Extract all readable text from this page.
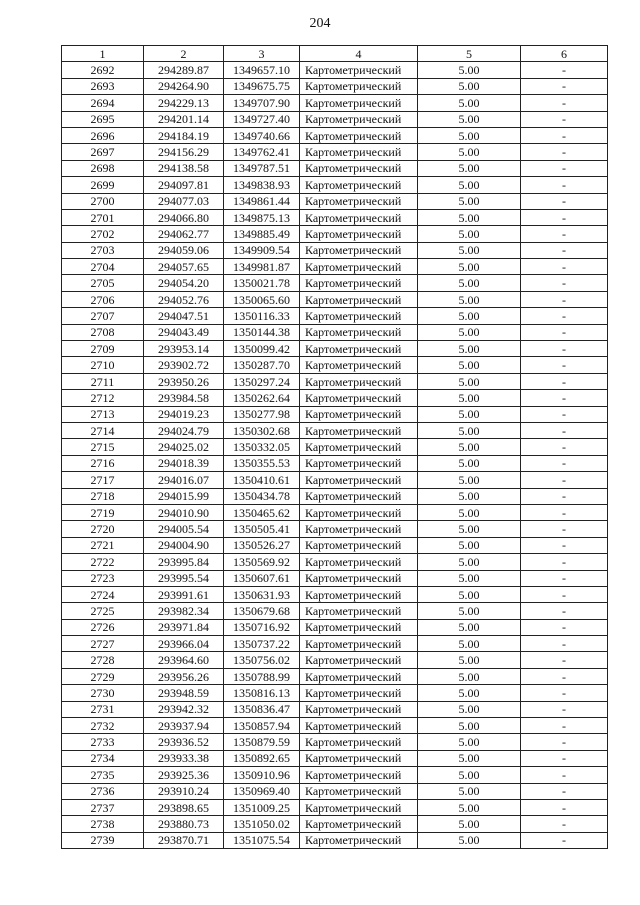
204
1	2	3	4	5	6
2692	294289.87	1349657.10	Картометрический	5.00	-
2693	294264.90	1349675.75	Картометрический	5.00	-
2694	294229.13	1349707.90	Картометрический	5.00	-
2695	294201.14	1349727.40	Картометрический	5.00	-
2696	294184.19	1349740.66	Картометрический	5.00	-
2697	294156.29	1349762.41	Картометрический	5.00	-
2698	294138.58	1349787.51	Картометрический	5.00	-
2699	294097.81	1349838.93	Картометрический	5.00	-
2700	294077.03	1349861.44	Картометрический	5.00	-
2701	294066.80	1349875.13	Картометрический	5.00	-
2702	294062.77	1349885.49	Картометрический	5.00	-
2703	294059.06	1349909.54	Картометрический	5.00	-
2704	294057.65	1349981.87	Картометрический	5.00	-
2705	294054.20	1350021.78	Картометрический	5.00	-
2706	294052.76	1350065.60	Картометрический	5.00	-
2707	294047.51	1350116.33	Картометрический	5.00	-
2708	294043.49	1350144.38	Картометрический	5.00	-
2709	293953.14	1350099.42	Картометрический	5.00	-
2710	293902.72	1350287.70	Картометрический	5.00	-
2711	293950.26	1350297.24	Картометрический	5.00	-
2712	293984.58	1350262.64	Картометрический	5.00	-
2713	294019.23	1350277.98	Картометрический	5.00	-
2714	294024.79	1350302.68	Картометрический	5.00	-
2715	294025.02	1350332.05	Картометрический	5.00	-
2716	294018.39	1350355.53	Картометрический	5.00	-
2717	294016.07	1350410.61	Картометрический	5.00	-
2718	294015.99	1350434.78	Картометрический	5.00	-
2719	294010.90	1350465.62	Картометрический	5.00	-
2720	294005.54	1350505.41	Картометрический	5.00	-
2721	294004.90	1350526.27	Картометрический	5.00	-
2722	293995.84	1350569.92	Картометрический	5.00	-
2723	293995.54	1350607.61	Картометрический	5.00	-
2724	293991.61	1350631.93	Картометрический	5.00	-
2725	293982.34	1350679.68	Картометрический	5.00	-
2726	293971.84	1350716.92	Картометрический	5.00	-
2727	293966.04	1350737.22	Картометрический	5.00	-
2728	293964.60	1350756.02	Картометрический	5.00	-
2729	293956.26	1350788.99	Картометрический	5.00	-
2730	293948.59	1350816.13	Картометрический	5.00	-
2731	293942.32	1350836.47	Картометрический	5.00	-
2732	293937.94	1350857.94	Картометрический	5.00	-
2733	293936.52	1350879.59	Картометрический	5.00	-
2734	293933.38	1350892.65	Картометрический	5.00	-
2735	293925.36	1350910.96	Картометрический	5.00	-
2736	293910.24	1350969.40	Картометрический	5.00	-
2737	293898.65	1351009.25	Картометрический	5.00	-
2738	293880.73	1351050.02	Картометрический	5.00	-
2739	293870.71	1351075.54	Картометрический	5.00	-
